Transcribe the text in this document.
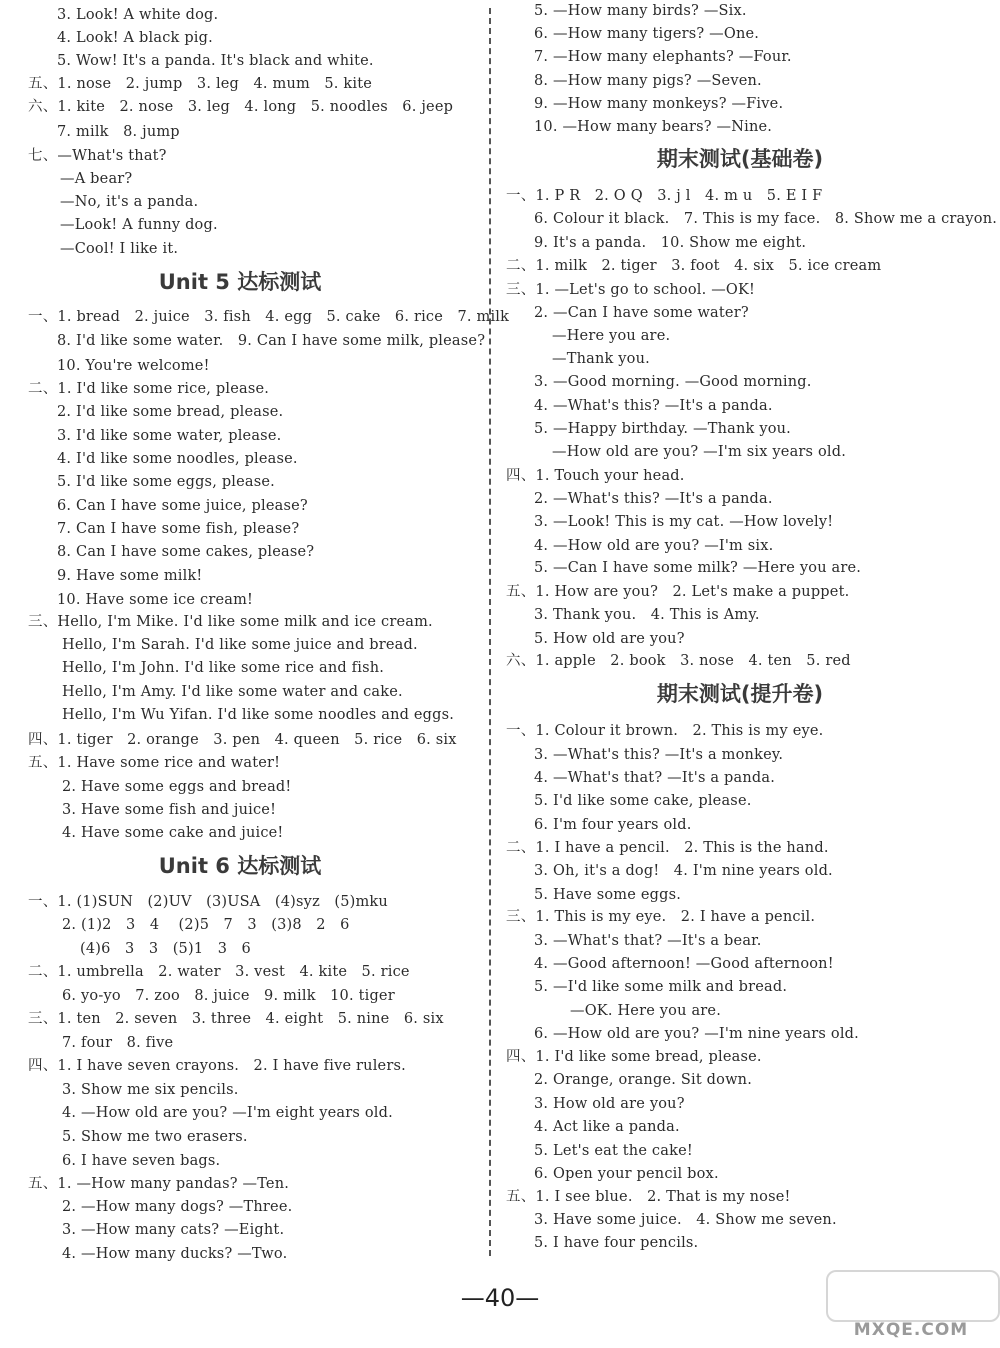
3. Look! A white dog.
4. Look! A black pig.
5. Wow! It's a panda. It's black and white.
五、1. nose   2. jump   3. leg   4. mum   5. kite
六、1. kite   2. nose   3. leg   4. long   5. noodles   6. jeep
7. milk   8. jump
七、—What's that?
—A bear?
—No, it's a panda.
—Look! A funny dog.
—Cool! I like it.
Unit 5 达标测试
一、1. bread   2. juice   3. fish   4. egg   5. cake   6. rice   7. milk
8. I'd like some water.   9. Can I have some milk, please?
10. You're welcome!
二、1. I'd like some rice, please.
2. I'd like some bread, please.
3. I'd like some water, please.
4. I'd like some noodles, please.
5. I'd like some eggs, please.
6. Can I have some juice, please?
7. Can I have some fish, please?
8. Can I have some cakes, please?
9. Have some milk!
10. Have some ice cream!
三、Hello, I'm Mike. I'd like some milk and ice cream.
Hello, I'm Sarah. I'd like some juice and bread.
Hello, I'm John. I'd like some rice and fish.
Hello, I'm Amy. I'd like some water and cake.
Hello, I'm Wu Yifan. I'd like some noodles and eggs.
四、1. tiger   2. orange   3. pen   4. queen   5. rice   6. six
五、1. Have some rice and water!
2. Have some eggs and bread!
3. Have some fish and juice!
4. Have some cake and juice!
Unit 6 达标测试
一、1. (1)SUN   (2)UV   (3)USA   (4)syz   (5)mku
2. (1)2   3   4    (2)5   7   3   (3)8   2   6
(4)6   3   3   (5)1   3   6
二、1. umbrella   2. water   3. vest   4. kite   5. rice
6. yo-yo   7. zoo   8. juice   9. milk   10. tiger
三、1. ten   2. seven   3. three   4. eight   5. nine   6. six
7. four   8. five
四、1. I have seven crayons.   2. I have five rulers.
3. Show me six pencils.
4. —How old are you? —I'm eight years old.
5. Show me two erasers.
6. I have seven bags.
五、1. —How many pandas? —Ten.
2. —How many dogs? —Three.
3. —How many cats? —Eight.
4. —How many ducks? —Two.
5. —How many birds? —Six.
6. —How many tigers? —One.
7. —How many elephants? —Four.
8. —How many pigs? —Seven.
9. —How many monkeys? —Five.
10. —How many bears? —Nine.
期末测试(基础卷)
一、1. P R   2. O Q   3. j l   4. m u   5. E I F
6. Colour it black.   7. This is my face.   8. Show me a crayon.
9. It's a panda.   10. Show me eight.
二、1. milk   2. tiger   3. foot   4. six   5. ice cream
三、1. —Let's go to school. —OK!
2. —Can I have some water?
—Here you are.
—Thank you.
3. —Good morning. —Good morning.
4. —What's this? —It's a panda.
5. —Happy birthday. —Thank you.
—How old are you? —I'm six years old.
四、1. Touch your head.
2. —What's this? —It's a panda.
3. —Look! This is my cat. —How lovely!
4. —How old are you? —I'm six.
5. —Can I have some milk? —Here you are.
五、1. How are you?   2. Let's make a puppet.
3. Thank you.   4. This is Amy.
5. How old are you?
六、1. apple   2. book   3. nose   4. ten   5. red
期末测试(提升卷)
一、1. Colour it brown.   2. This is my eye.
3. —What's this? —It's a monkey.
4. —What's that? —It's a panda.
5. I'd like some cake, please.
6. I'm four years old.
二、1. I have a pencil.   2. This is the hand.
3. Oh, it's a dog!   4. I'm nine years old.
5. Have some eggs.
三、1. This is my eye.   2. I have a pencil.
3. —What's that? —It's a bear.
4. —Good afternoon! —Good afternoon!
5. —I'd like some milk and bread.
—OK. Here you are.
6. —How old are you? —I'm nine years old.
四、1. I'd like some bread, please.
2. Orange, orange. Sit down.
3. How old are you?
4. Act like a panda.
5. Let's eat the cake!
6. Open your pencil box.
五、1. I see blue.   2. That is my nose!
3. Have some juice.   4. Show me seven.
5. I have four pencils.
—40—
MXQE.COM
